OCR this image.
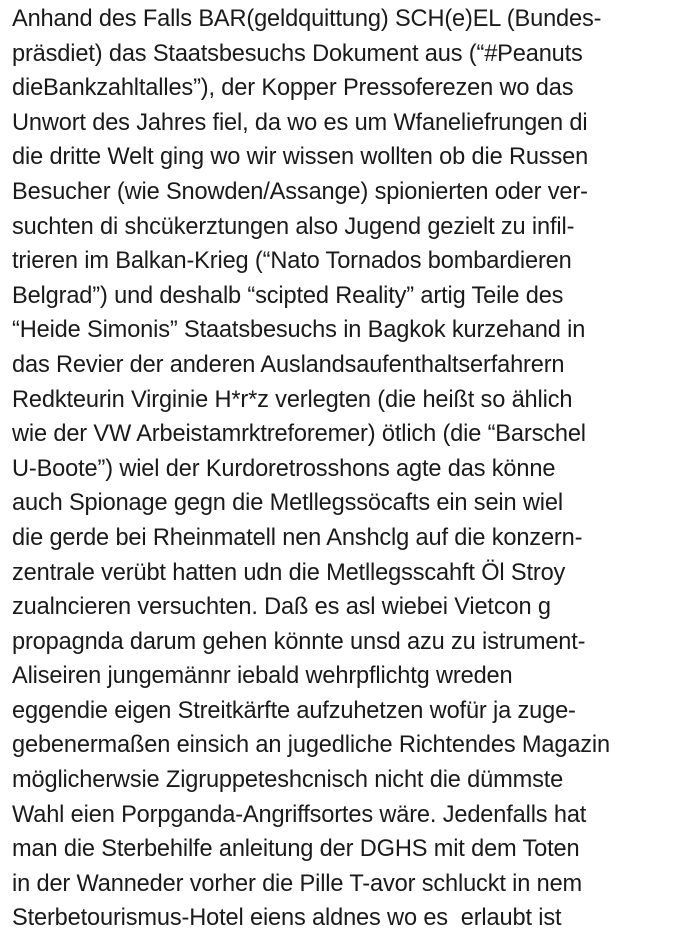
Anhand des Falls BAR(geldquittung) SCH(e)EL (Bundes-
präsdiet) das Staatsbesuchs Dokument aus (“#Peanuts
dieBankzahltalles”), der Kopper Pressoferezen wo das
Unwort des Jahres fiel, da wo es um Wfaneliefrungen di
die dritte Welt ging wo wir wissen wollten ob die Russen
Besucher (wie Snowden/Assange) spionierten oder ver-
suchten di shcükerztungen also Jugend gezielt zu infil-
trieren im Balkan-Krieg (“Nato Tornados bombardieren
Belgrad”) und deshalb “scipted Reality” artig Teile des
“Heide Simonis” Staatsbesuchs in Bagkok kurzehand in
das Revier der anderen Auslandsaufenthaltserfahrern
Redkteurin Virginie H*r*z verlegten (die heißt so ählich
wie der VW Arbeistamrktreforemer) ötlich (die “Barschel
U-Boote”) wiel der Kurdoretrosshons agte das könne
auch Spionage gegn die Metllegssöcafts ein sein wiel
die gerde bei Rheinmatell nen Anshclg auf die konzern-
zentrale verübt hatten udn die Metllegsscahft Öl Stroy
zualncieren versuchten. Daß es asl wiebei Vietcon g
propagnda darum gehen könnte unsd azu zu istrument-
Aliseiren jungemännr iebald wehrpflichtg wreden
eggendie eigen Streitkärfte aufzuhetzen wofür ja zuge-
gebenermaßen einsich an jugedliche Richtendes Magazin
möglicherwsie Zigruppeteshcnisch nicht die dümmste
Wahl eien Porpganda-Angriffsortes wäre. Jedenfalls hat
man die Sterbehilfe anleitung der DGHS mit dem Toten
in der Wanneder vorher die Pille T-avor schluckt in nem
Sterbetourismus-Hotel eiens aldnes wo es  erlaubt ist
